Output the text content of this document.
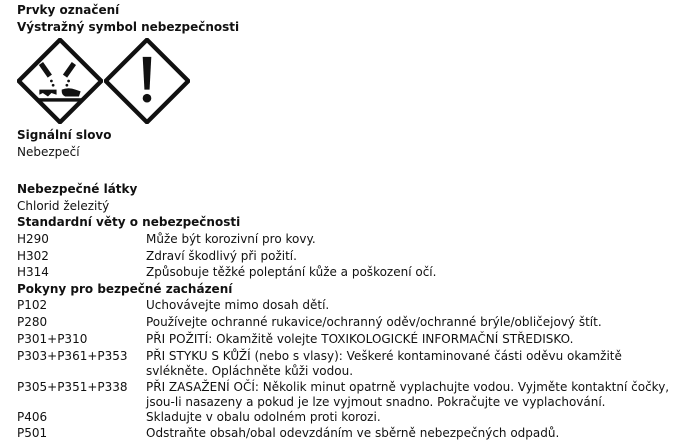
Prvky označení
Výstražný symbol nebezpečnosti
Signální slovo
Nebezpečí
Nebezpečné látky
Chlorid železitý
Standardní věty o nebezpečnosti
H290	Může být korozivní pro kovy.
H302	Zdraví škodlivý při požití.
H314	Způsobuje těžké poleptání kůže a poškození očí.
Pokyny pro bezpečné zacházení
P102	Uchovávejte mimo dosah dětí.
P280	Používejte ochranné rukavice/ochranný oděv/ochranné brýle/obličejový štít.
P301+P310	PŘI POŽITÍ: Okamžitě volejte TOXIKOLOGICKÉ INFORMAČNÍ STŘEDISKO.
P303+P361+P353 PŘI STYKU S KŮŽÍ (nebo s vlasy): Veškeré kontaminované části oděvu okamžitě
svlékněte. Opláchněte kůži vodou.
P305+P351+P338 PŘI ZASAŽENÍ OČÍ: Několik minut opatrně vyplachujte vodou. Vyjměte kontaktní čočky,
jsou-li nasazeny a pokud je lze vyjmout snadno. Pokračujte ve vyplachování.
P406	Skladujte v obalu odolném proti korozi.
P501	Odstraňte obsah/obal odevzdáním ve sběrně nebezpečných odpadů.
